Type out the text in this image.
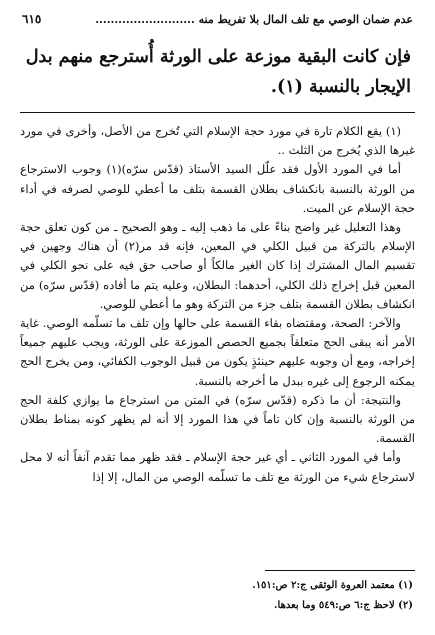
عدم ضمان الوصي مع تلف المال بلا تفريط منه ..........................
٦١٥
فإن كانت البقية موزعة على الورثة أُسترجع منهم بدل الإيجار بالنسبة (١).

(١) يقع الكلام تارة في مورد حجة الإسلام التي تُخرج من الأصل، وأخرى في مورد غيرها الذي يُخرج من الثلث ..

أما في المورد الأول فقد علّل السيد الأستاذ (قدّس سرّه)(١) وجوب الاسترجاع من الورثة بالنسبة بانكشاف بطلان القسمة بتلف ما أعطي للوصي لصرفه في أداء حجة الإسلام عن الميت.

وهذا التعليل غير واضح بناءً على ما ذهب إليه ـ وهو الصحيح ـ من كون تعلق حجة الإسلام بالتركة من قبيل الكلي في المعين، فإنه قد مر(٢) أن هناك وجهين في تقسيم المال المشترك إذا كان الغير مالكاً أو صاحب حق فيه على نحو الكلي في المعين قبل إخراج ذلك الكلي، أحدهما: البطلان، وعليه يتم ما أفاده (قدّس سرّه) من انكشاف بطلان القسمة بتلف جزء من التركة وهو ما أعطي للوصي.

والآخر: الصحة، ومقتضاه بقاء القسمة على حالها وإن تلف ما تسلّمه الوصي. غاية الأمر أنه يبقى الحج متعلقاً بجميع الحصص الموزعة على الورثة، ويجب عليهم جميعاً إخراجه، ومع أن وجوبه عليهم حينئذٍ يكون من قبيل الوجوب الكفائي، ومن يخرج الحج يمكنه الرجوع إلى غيره ببدل ما أخرجه بالنسبة.

والنتيجة: أن ما ذكره (قدّس سرّه) في المتن من استرجاع ما يوازي كلفة الحج من الورثة بالنسبة وإن كان تاماً في هذا المورد إلا أنه لم يظهر كونه بمناط بطلان القسمة.

وأما في المورد الثاني ـ أي غير حجة الإسلام ـ فقد ظهر مما تقدم آنفاً أنه لا محل لاسترجاع شيء من الورثة مع تلف ما تسلّمه الوصي من المال، إلا إذا

(١) معتمد العروة الوثقى ج:٢ ص:١٥١.
(٢) لاحظ ج:٦ ص:٥٤٩ وما بعدها.
